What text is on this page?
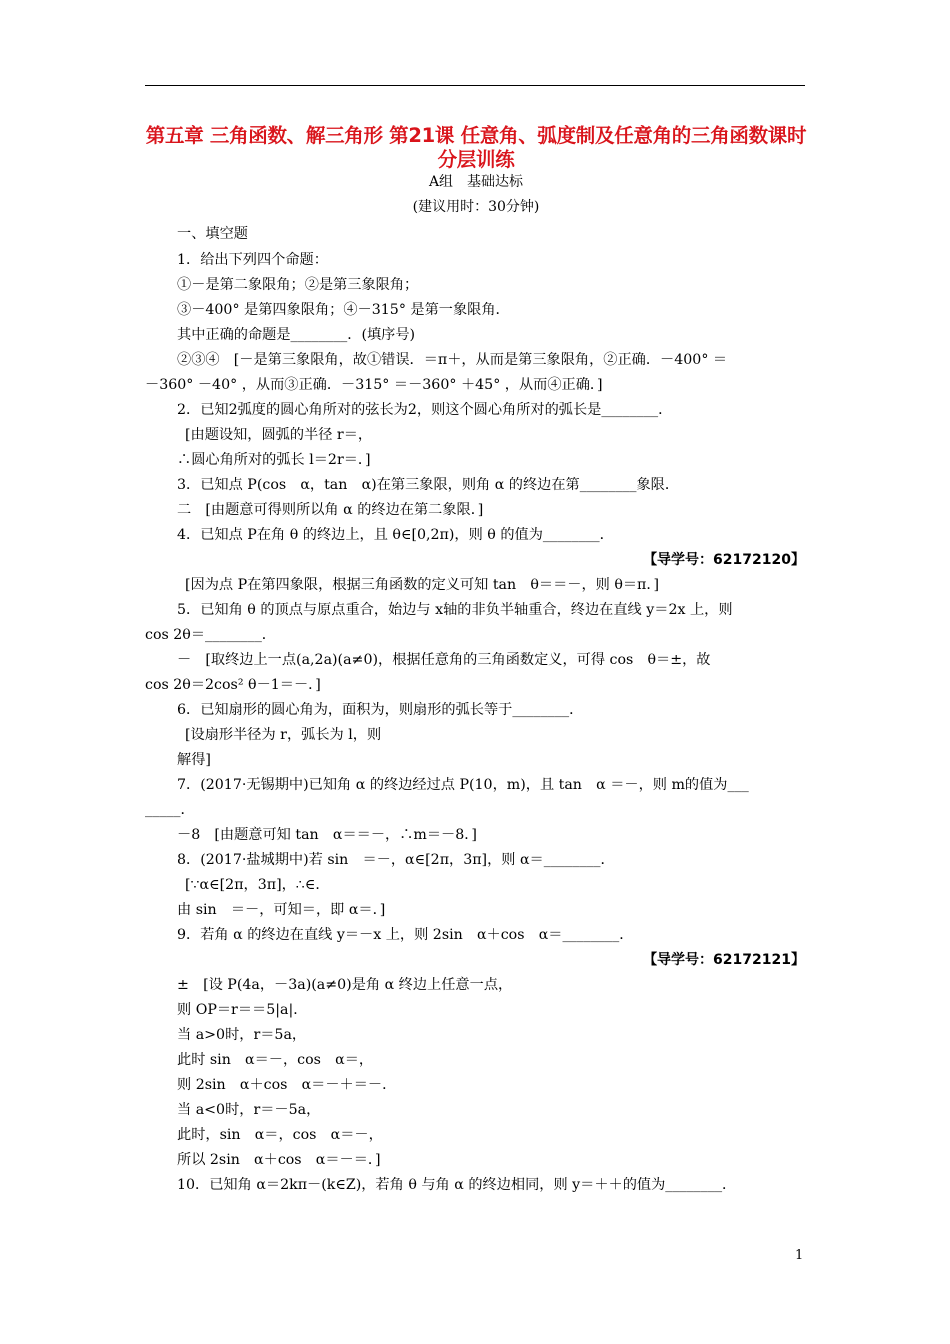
第五章 三角函数、解三角形 第21课 任意角、弧度制及任意角的三角函数课时分层训练
A组　基础达标
(建议用时：30分钟)
一、填空题
1．给出下列四个命题：
①－是第二象限角；②是第三象限角；
③－400° 是第四象限角；④－315° 是第一象限角．
其中正确的命题是________．(填序号)
②③④　[－是第三象限角，故①错误．＝π＋，从而是第三象限角，②正确．－400° ＝
－360° －40° ，从而③正确．－315° ＝－360° ＋45° ，从而④正确．]
2．已知2弧度的圆心角所对的弦长为2，则这个圆心角所对的弧长是________．
[由题设知，圆弧的半径 r＝，
∴圆心角所对的弧长 l＝2r＝．]
3．已知点 P(cos　α，tan　α)在第三象限，则角 α 的终边在第________象限．
二　[由题意可得则所以角 α 的终边在第二象限．]
4．已知点 P在角 θ 的终边上，且 θ∈[0,2π)，则 θ 的值为________．
[因为点 P在第四象限，根据三角函数的定义可知 tan　θ＝＝－，则 θ＝π．]
5．已知角 θ 的顶点与原点重合，始边与 x轴的非负半轴重合，终边在直线 y＝2x 上，则
cos 2θ＝________．
－　[取终边上一点(a,2a)(a≠0)，根据任意角的三角函数定义，可得 cos　θ＝±，故
cos 2θ＝2cos² θ－1＝－．]
6．已知扇形的圆心角为，面积为，则扇形的弧长等于________．
[设扇形半径为 r，弧长为 l，则
解得]
7．(2017·无锡期中)已知角 α 的终边经过点 P(10，m)，且 tan　α ＝－，则 m的值为___
_____．
－8　[由题意可知 tan　α＝＝－，∴m＝－8．]
8．(2017·盐城期中)若 sin　＝－，α∈[2π，3π]，则 α＝________．
[∵α∈[2π，3π]，∴∈．
由 sin　＝－，可知＝，即 α＝．]
9．若角 α 的终边在直线 y＝－x 上，则 2sin　α＋cos　α＝________．
±　[设 P(4a，－3a)(a≠0)是角 α 终边上任意一点，
则 OP＝r＝＝5|a|．
当 a>0时，r＝5a，
此时 sin　α＝－，cos　α＝，
则 2sin　α＋cos　α＝－＋＝－．
当 a<0时，r＝－5a，
此时，sin　α＝，cos　α＝－，
所以 2sin　α＋cos　α＝－＝．]
10．已知角 α＝2kπ－(k∈Z)，若角 θ 与角 α 的终边相同，则 y＝＋＋的值为________．
【导学号：62172120】
【导学号：62172121】
1
